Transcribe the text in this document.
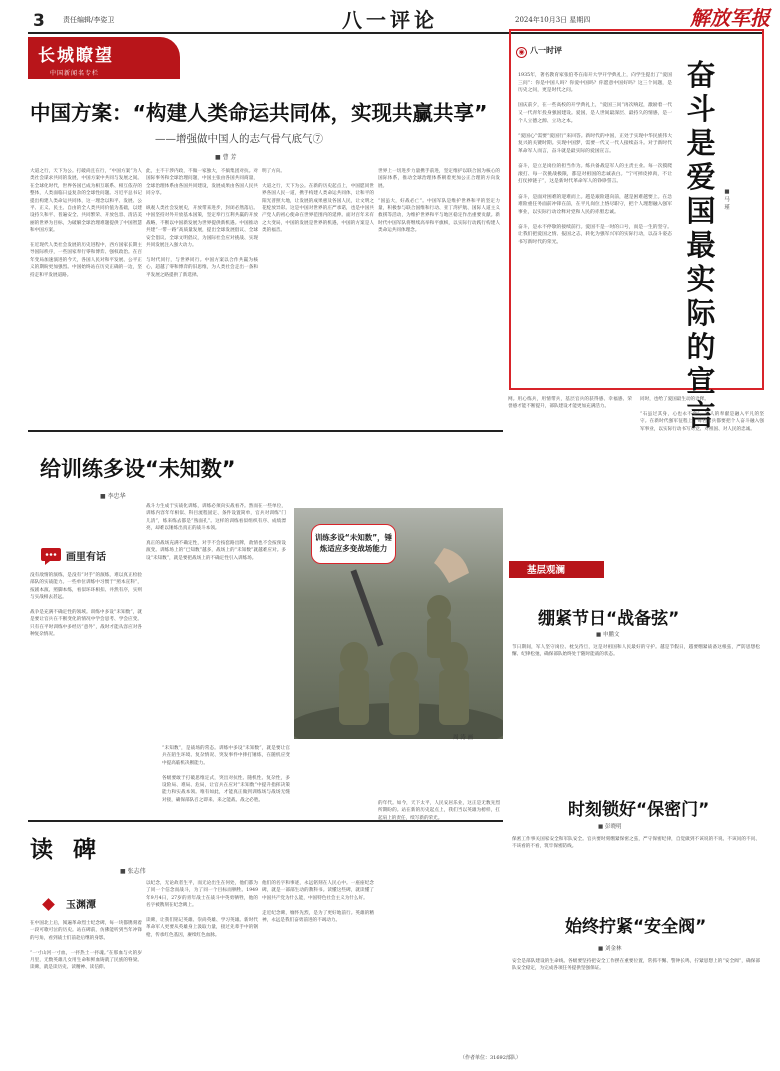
3	责任编辑/李姿卫	八一评论	2024年10月3日 星期四	解放军报
长城瞭望
中国新闻名专栏
中国方案：“构建人类命运共同体，实现共赢共享”
——增强做中国人的志气骨气底气⑦
■ 曹 芳
大道之行，天下为公。打破尚且在行，“中国方案”为人类社会谋求共同的发展，中国方案中共同与发展之间。在全球化时代，世界各国已成为相互联系、相互依存的整体，人类面临日益复杂的全球性问题。习近平总书记提出构建人类命运共同体，这一理念以和平、发展、公平、正义、民主、自由的全人类共同价值为基础，以建设持久和平、普遍安全、共同繁荣、开放包容、清洁美丽的世界为目标，为破解全球治理难题提供了中国智慧和中国方案。

在近现代人类社会发展的历史进程中，西方国家长期主导国际秩序，一些国家奉行零和博弈、强权政治。在百年变局加速演进的今天，各国人民对和平发展、公平正义的期盼更加强烈。中国始终站在历史正确的一边，坚持走和平发展道路。
此，主不干涉内政，不做一家独大，不搞集团对抗。对国际事务和全球治理问题，中国主张由各国共同商量，全球治理体系由各国共同建设，发展成果由各国人民共同分享。

纵观人类社会发展史，开放带来进步，封闭必然落后。中国坚持对外开放基本国策，坚定奉行互利共赢的开放战略，不断以中国新发展为世界提供新机遇。中国推动共建“一带一路”高质量发展，提出全球发展倡议、全球安全倡议、全球文明倡议，为国际社会应对挑战、实现共同发展注入强大动力。

与时代同行，与世界同行。中国方案以合作共赢为核心，超越了零和博弈的旧思维，为人类社会走出一条和平发展之路提供了新选择。
明了方向。

大道之行，天下为公。在新的历史起点上，中国愿同世界各国人民一道，携手构建人类命运共同体，让和平的阳光普照大地，让发展的成果惠及各国人民，让文明之花绽放异彩。这是中国对世界的庄严承诺，也是中国共产党人的初心使命在世界范围内的延伸。面对百年未有之大变局，中国的发展是世界的机遇，中国的方案是人类的福音。
世界上一切进步力量携手前进，坚定维护以联合国为核心的国际体系，推动全球治理体系朝着更加公正合理的方向发展。

“国虽大，好战必亡”。中国军队是维护世界和平的坚定力量，积极参与联合国维和行动、亚丁湾护航、国际人道主义救援等活动，为维护世界和平与地区稳定作出重要贡献。新时代中国军队将继续高举和平旗帜，以实际行动践行构建人类命运共同体理念。
◉ 八一时评
1935年，著名教育家张伯苓在南开大学开学典礼上，向学生提出了“爱国三问”：你是中国人吗？你爱中国吗？你愿意中国好吗？这三个问题，是历史之问，更是时代之问。

国庆前夕，在一些高校的开学典礼上，“爱国三问”再次响起，激励着一代又一代青年投身强国建设。爱国，是人世间最深层、最持久的情感，是一个人立德之源、立功之本。

“爱国心”需要“爱国行”来回答。新时代的中国，正处于实现中华民族伟大复兴的关键时期。实现中国梦，需要一代又一代人接续奋斗。对于新时代革命军人而言，奋斗就是最实际的爱国宣言。

奋斗，是立足岗位的担当作为。练兵备战是军人的主责主业。每一次摸爬滚打、每一次挑战极限，都是对祖国的忠诚表白。“宁可掉皮掉肉，不让打仗掉链子”，这是新时代革命军人的铮铮誓言。

奋斗，是面对困难的迎难而上。越是艰险越向前，越是困难越要上。在急难险重任务面前冲锋在前，在平凡岗位上恪尽职守，把个人理想融入强军事业，以实际行动诠释对党和人民的赤胆忠诚。

奋斗，是永不停歇的接续前行。爱国不是一时的口号，而是一生的坚守。让我们把爱国之情、报国之志，转化为强军兴军的实际行动，以奋斗姿态书写新时代的荣光。
奋斗是爱国最实际的宣言
■ 马 瑾
给训练多设“未知数”
■ 李忠华
画里有话
没有敌情的演练，是没有“对手”的演练，难以真正检验部队的实战能力。一些单位训练中习惯于“照本宣科”，按剧本演、照脚本练，看似环环相扣、井然有序，实则与实战相去甚远。

战争是充满不确定性的领域。训练中多设“未知数”，就是要让官兵在不断变化的情况中学会思考、学会应变。只有在平时训练中多经历“意外”，战时才能从容应对各种复杂情况。
战斗力生成于实战化训练，训练必须向实战看齐。然而在一些单位，训练内容年年相似、科目流程固定、条件设置简单，官兵对训练“门儿清”，练来练去都是“熟面孔”。这样的训练看似组织有序、成绩漂亮，却难以锤炼出真正的战斗本领。

真正的战场充满不确定性，对手不会按套路出牌，敌情也不会按预设演变。训练场上的“已知数”越多，战场上的“未知数”就越难应对。多设“未知数”，就是要把战场上的不确定性引入训练场。
训练多设“未知数”，锤炼适应多变战场能力
周 涛 画
“未知数”，是战场的常态。训练中多设“未知数”，就是要让官兵在陌生环境、复杂情况、突发事件中摔打锤炼，在随机应变中提高临机决断能力。

各级要敢于打破思维定式，突出对抗性、随机性、复杂性，多设险局、难局、危局，让官兵在应对“未知数”中提升指挥决策能力和实战本领。唯有如此，才能真正做到训练场与战场无缝对接，确保部队召之即来、来之能战、战之必胜。
读碑
■ 张志伟
玉渊潭
在中国北上后，阅遍革命烈士纪念碑，每一块都镌刻着一段可歌可泣的历史。站在碑前，仿佛能听到当年冲锋的号角，看到战士们前赴后继的身影。

“一寸山河一寸血，一抔热土一抔魂。”在那血与火的岁月里，无数英雄儿女用生命和鲜血铸就了民族的脊梁。读碑，就是读历史、读精神、读信仰。
以纪念，无论故者生平，而无论出生在何处，他们都为了同一个信念而战斗，为了同一个目标而牺牲。1949年9月4日，27岁的青年战士在战斗中英勇牺牲，他的名字被镌刻在纪念碑上。

读碑，让我们铭记英雄、崇尚英雄、学习英雄。新时代革命军人更要从英雄身上汲取力量，接过先辈手中的钢枪，传承红色基因，赓续红色血脉。
他们的名字和事迹，永远铭刻在人民心中。一座座纪念碑，就是一部部生动的教科书。读懂这些碑，就读懂了中国共产党为什么能，中国特色社会主义为什么好。

走近纪念碑，缅怀先烈，是为了更好地前行。英雄的精神，永远是我们奋勇前进的不竭动力。
的年代。如今，天下太平，人民安居乐业，这正是无数先烈所期盼的。站在新的历史起点上，我们当以英雄为榜样，扛起肩上的责任，续写新的荣光。
（作者单位：31692部队）
网。用心练兵，用情带兵，基层官兵的获得感、幸福感、荣誉感才能不断提升，部队建设才能更加充满活力。
同时，也给了爱国最生动的诠释。

“石虽过其身，心也永不变”，军人的奉献是融入平凡的坚守。在新时代强军征程上，每名官兵都要把个人奋斗融入强军事业，以实际行动书写对党、对祖国、对人民的忠诚。
基层观澜
绷紧节日“战备弦”
■ 申鹏文
节日期间，军人坚守岗位、枕戈待旦，这是对祖国和人民最好的守护。越是节假日，越要绷紧战备这根弦，严防思想松懈、纪律松弛，确保部队始终处于随时能战的状态。
时刻锁好“保密门”
■ 彭晓明
保密工作事关国家安全和军队安全。官兵要时刻绷紧保密之弦，严守保密纪律，自觉做到不该说的不说、不该问的不问、不该看的不看，筑牢保密防线。
始终拧紧“安全阀”
■ 刘金林
安全是部队建设的生命线。各级要坚持把安全工作摆在重要位置，常抓不懈、警钟长鸣，拧紧思想上的“安全阀”，确保部队安全稳定，为完成各项任务提供坚强保证。
